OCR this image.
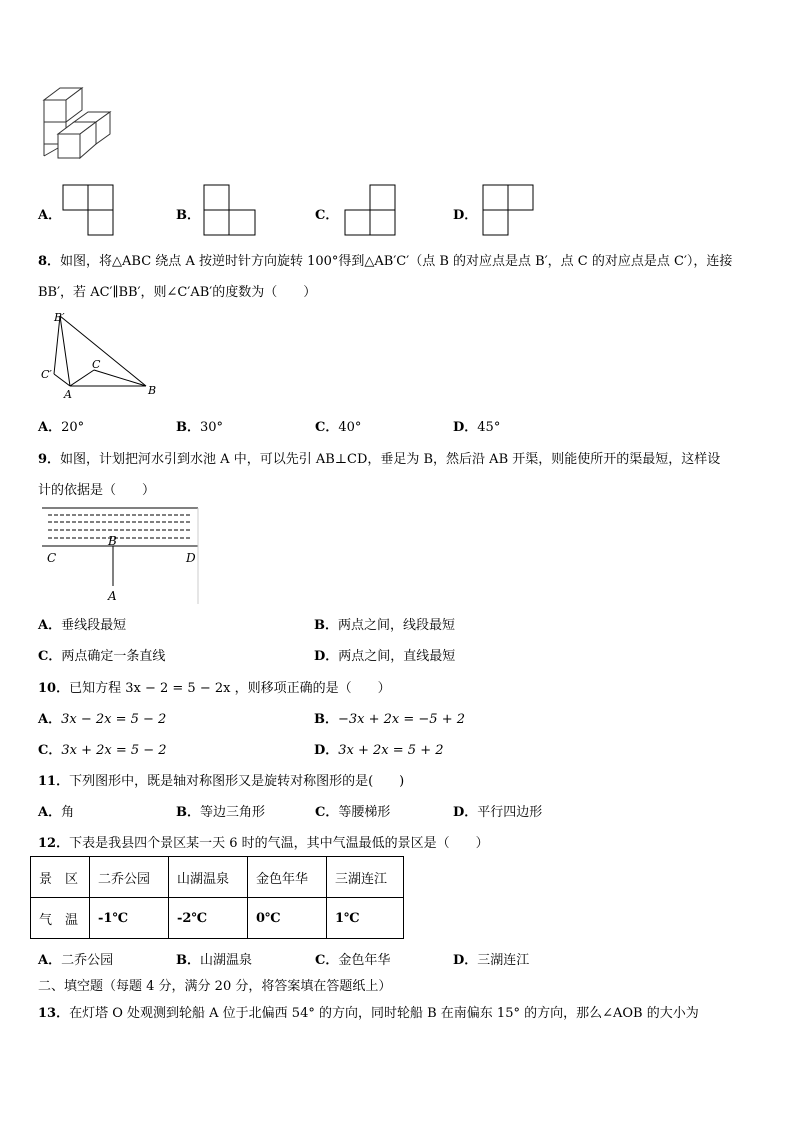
A．	B．	C．	D．
8．如图，将△ABC 绕点 A 按逆时针方向旋转 100°得到△AB′C′（点 B 的对应点是点 B′，点 C 的对应点是点 C′），连接
BB′，若 AC′∥BB′，则∠C′AB′的度数为（　　）
B′
C′
C
A	B
A．20°	B．30°	C．40°	D．45°
9．如图，计划把河水引到水池 A 中，可以先引 AB⊥CD，垂足为 B，然后沿 AB 开渠，则能使所开的渠最短，这样设
计的依据是（　　）
B
C	D
A
A．垂线段最短	B．两点之间，线段最短
C．两点确定一条直线	D．两点之间，直线最短
10．已知方程 3x − 2 = 5 − 2x ，则移项正确的是（　　）
A．3x − 2x = 5 − 2	B．−3x + 2x = −5 + 2
C．3x + 2x = 5 − 2	D．3x + 2x = 5 + 2
11．下列图形中，既是轴对称图形又是旋转对称图形的是(　　)
A．角	B．等边三角形	C．等腰梯形	D．平行四边形
12．下表是我县四个景区某一天 6 时的气温，其中气温最低的景区是（　　）
景　区	二乔公园	山湖温泉	金色年华	三湖连江
气　温	-1℃	-2℃	0℃	1℃
A．二乔公园	B．山湖温泉	C．金色年华	D．三湖连江
二、填空题（每题 4 分，满分 20 分，将答案填在答题纸上）
13．在灯塔 O 处观测到轮船 A 位于北偏西 54° 的方向，同时轮船 B 在南偏东 15° 的方向，那么∠AOB 的大小为
